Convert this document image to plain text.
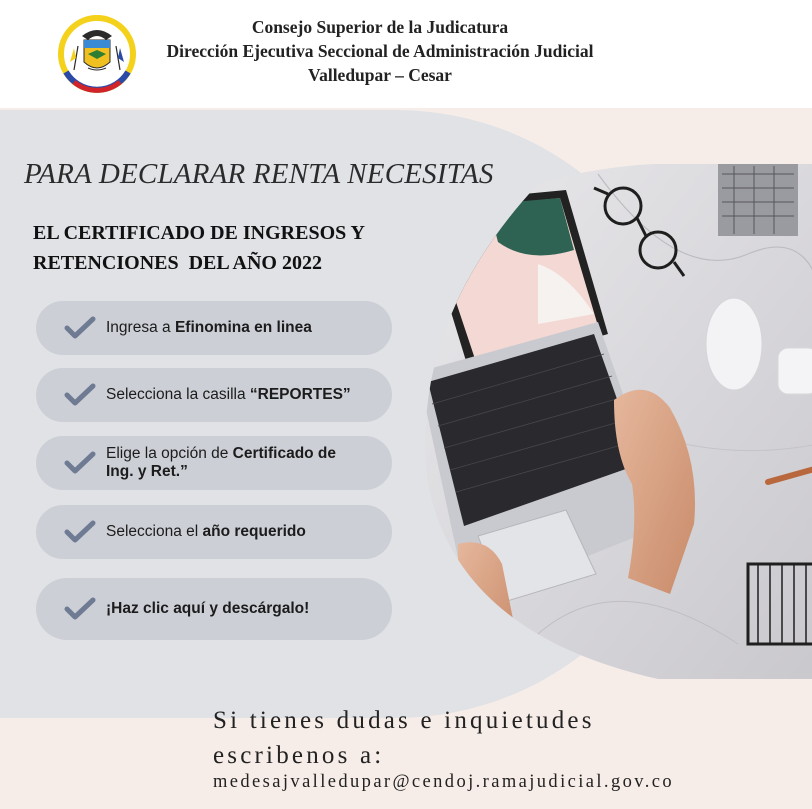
Consejo Superior de la Judicatura
Dirección Ejecutiva Seccional de Administración Judicial
Valledupar – Cesar
PARA DECLARAR RENTA NECESITAS
EL CERTIFICADO DE INGRESOS Y
RETENCIONES  DEL AÑO 2022
Ingresa a Efinomina en linea
Selecciona la casilla “REPORTES”
Elige la opción de Certificado de Ing. y Ret.”
Selecciona el año requerido
¡Haz clic aquí y descárgalo!
Si tienes dudas e inquietudes
escribenos a:
medesajvalledupar@cendoj.ramajudicial.gov.co
